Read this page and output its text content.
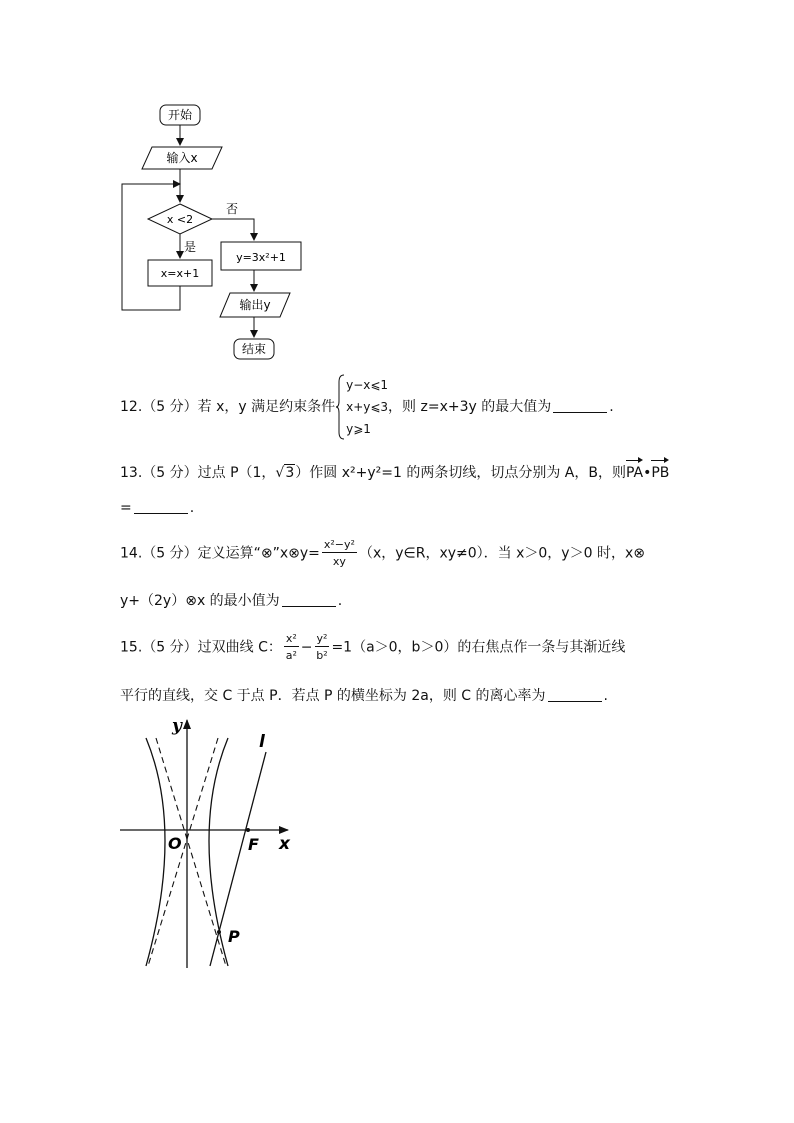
开始
输入x
x <2
否
是
x=x+1
y=3x²+1
输出y
结束
12.（5 分）若 x，y 满足约束条件
y−x⩽1
x+y⩽3
y⩾1
，则 z=x+3y 的最大值为	.
13.（5 分）过点 P（1，√3）作圆 x²+y²=1 的两条切线，切点分别为 A，B，则PA•PB
=	.
14.（5 分）定义运算“⊗”x⊗y= $\frac{\text{x²−y²}}{xy} (x$，y∈R，xy≠0）．当 x＞0，y＞0 时，x⊗
y+（2y）⊗x 的最小值为	.
15.（5 分）过双曲线 C： $\frac{\text{x²}}{\text{a²}} - \frac{\text{y²}}{\text{b²}} =1(a>0$，b＞0）的右焦点作一条与其渐近线
平行的直线，交 C 于点 P．若点 P 的横坐标为 2a，则 C 的离心率为	.
y
x
O
l
F
P
